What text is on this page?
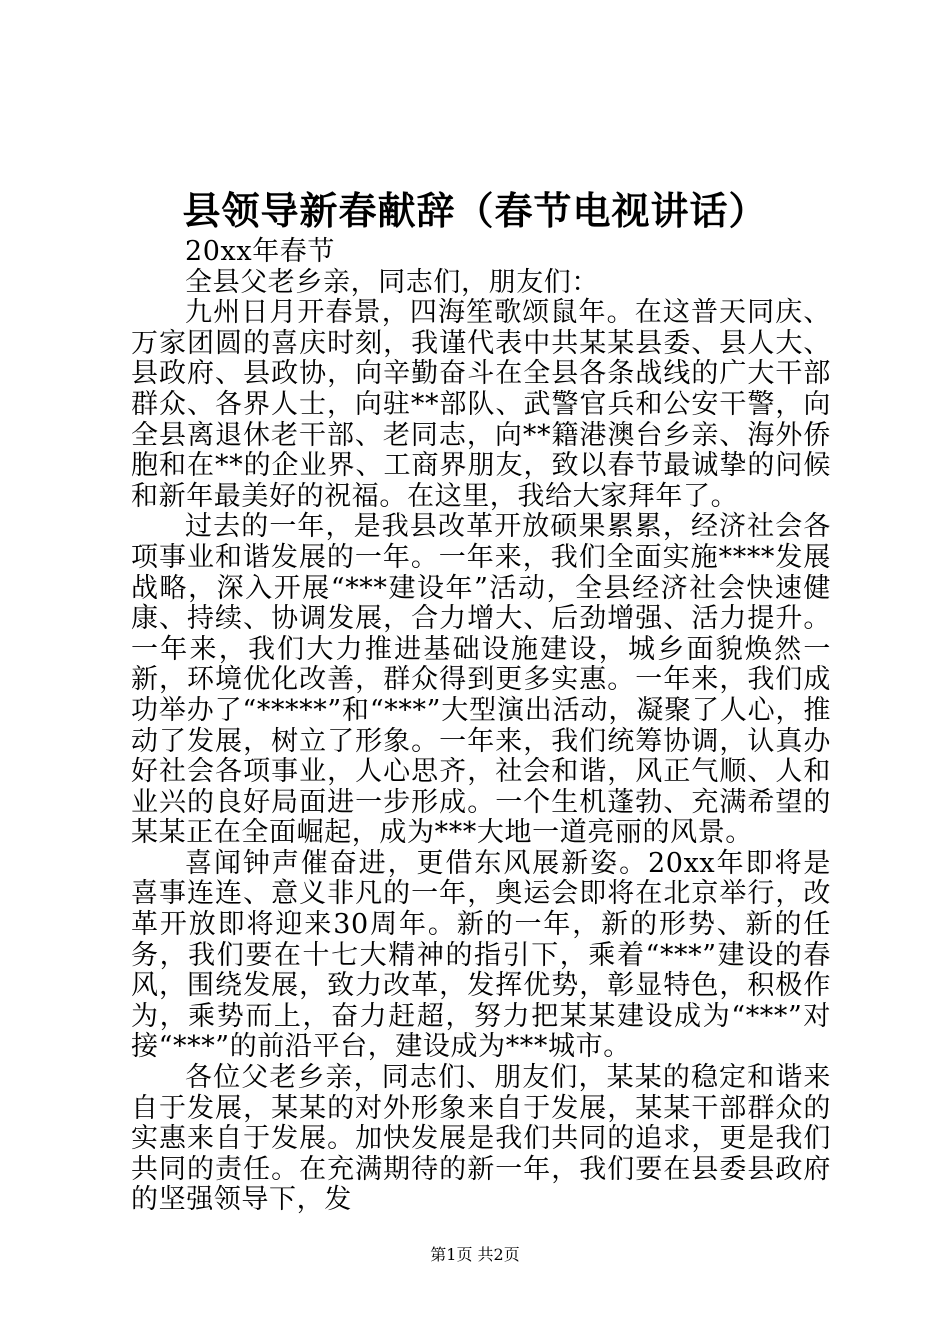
县领导新春献辞（春节电视讲话）

20xx年春节

全县父老乡亲，同志们，朋友们：

九州日月开春景，四海笙歌颂鼠年。在这普天同庆、万家团圆的喜庆时刻，我谨代表中共某某县委、县人大、县政府、县政协，向辛勤奋斗在全县各条战线的广大干部群众、各界人士，向驻**部队、武警官兵和公安干警，向全县离退休老干部、老同志，向**籍港澳台乡亲、海外侨胞和在**的企业界、工商界朋友，致以春节最诚挚的问候和新年最美好的祝福。在这里，我给大家拜年了。

过去的一年，是我县改革开放硕果累累，经济社会各项事业和谐发展的一年。一年来，我们全面实施****发展战略，深入开展“***建设年”活动，全县经济社会快速健康、持续、协调发展，合力增大、后劲增强、活力提升。一年来，我们大力推进基础设施建设，城乡面貌焕然一新，环境优化改善，群众得到更多实惠。一年来，我们成功举办了“*****”和“***”大型演出活动，凝聚了人心，推动了发展，树立了形象。一年来，我们统筹协调，认真办好社会各项事业，人心思齐，社会和谐，风正气顺、人和业兴的良好局面进一步形成。一个生机蓬勃、充满希望的某某正在全面崛起，成为***大地一道亮丽的风景。

喜闻钟声催奋进，更借东风展新姿。20xx年即将是喜事连连、意义非凡的一年，奥运会即将在北京举行，改革开放即将迎来30周年。新的一年，新的形势、新的任务，我们要在十七大精神的指引下，乘着“***”建设的春风，围绕发展，致力改革，发挥优势，彰显特色，积极作为，乘势而上，奋力赶超，努力把某某建设成为“***”对接“***”的前沿平台，建设成为***城市。

各位父老乡亲，同志们、朋友们，某某的稳定和谐来自于发展，某某的对外形象来自于发展，某某干部群众的实惠来自于发展。加快发展是我们共同的追求，更是我们共同的责任。在充满期待的新一年，我们要在县委县政府的坚强领导下，发

第1页 共2页
